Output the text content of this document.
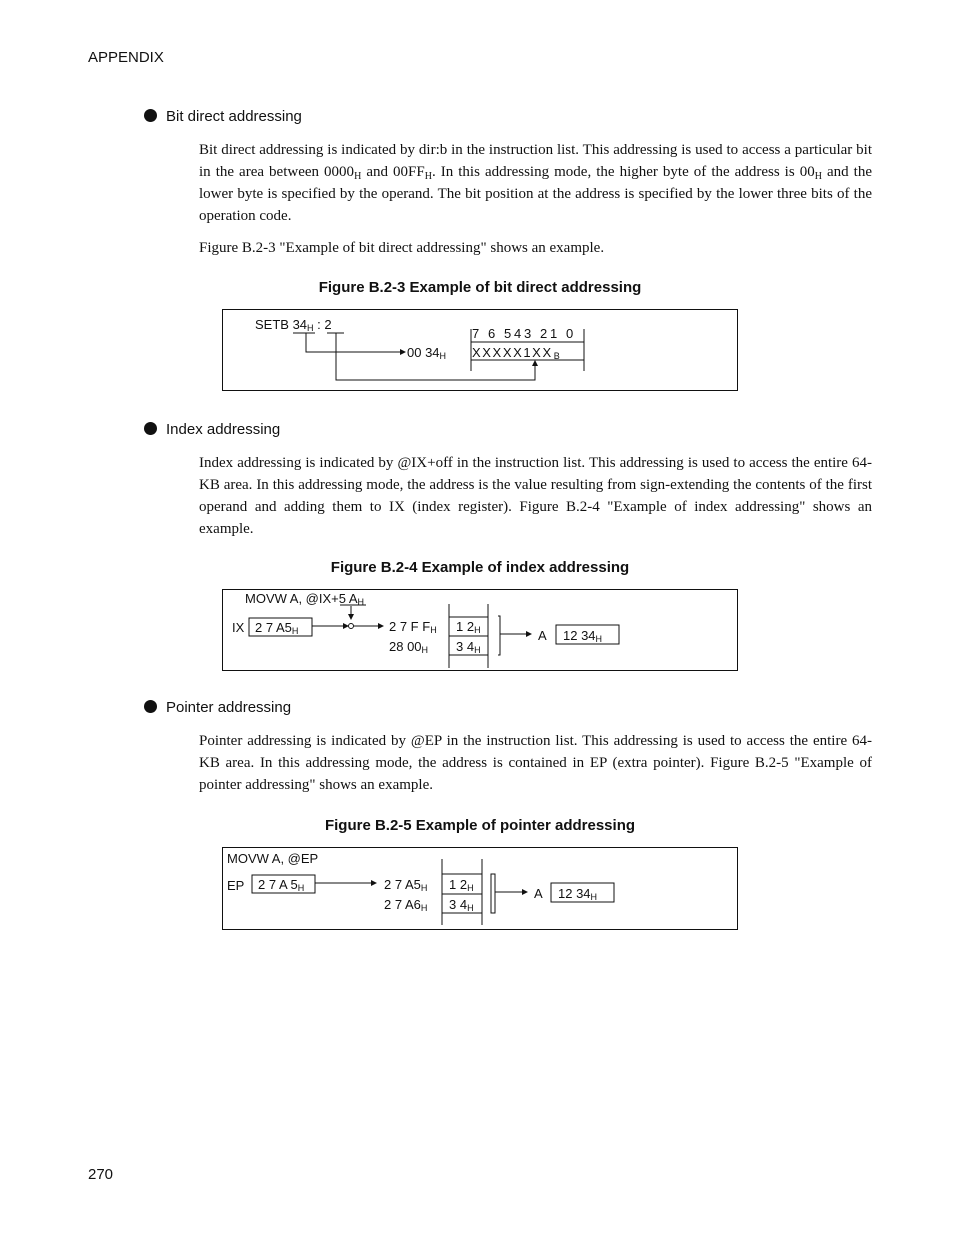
APPENDIX
Bit direct addressing

Bit direct addressing is indicated by dir:b in the instruction list. This addressing is used to access a particular bit in the area between $0000_H$ and $00FF_H$. In this addressing mode, the higher byte of the address is $00_H$ and the lower byte is specified by the operand. The bit position at the address is specified by the lower three bits of the operation code.

Figure B.2-3 "Example of bit direct addressing" shows an example.
Figure B.2-3 Example of bit direct addressing
SETB 34H : 2
00 34H
7 6 5 4 3 2 1 0
XXXXX1XXB
Index addressing
Index addressing is indicated by @IX+off in the instruction list. This addressing is used to access the entire 64-KB area. In this addressing mode, the address is the value resulting from sign-extending the contents of the first operand and adding them to IX (index register). Figure B.2-4 "Example of index addressing" shows an example.
Figure B.2-4 Example of index addressing
MOVW A, @IX+5 AH
IX 2 7 A5H	2 7 F FH
28 00H
1 2H
3 4H
A 12 34H
Pointer addressing
Pointer addressing is indicated by @EP in the instruction list. This addressing is used to access the entire 64-KB area. In this addressing mode, the address is contained in EP (extra pointer). Figure B.2-5 "Example of pointer addressing" shows an example.
Figure B.2-5 Example of pointer addressing
MOVW A, @EP
EP 2 7 A 5H	2 7 A5H
2 7 A6H
1 2H
3 4H
A 12 34H
270
